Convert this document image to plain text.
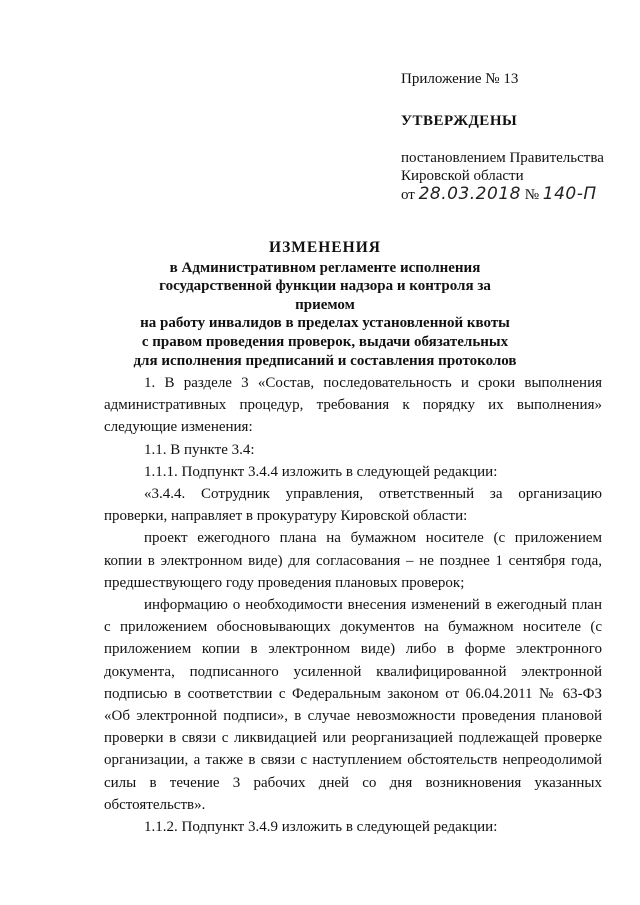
Приложение № 13
УТВЕРЖДЕНЫ
постановлением Правительства Кировской области
от 28.03.2018 № 140-П
ИЗМЕНЕНИЯ
в Административном регламенте исполнения
государственной функции надзора и контроля за приемом
на работу инвалидов в пределах установленной квоты
с правом проведения проверок, выдачи обязательных
для исполнения предписаний и составления протоколов

1. В разделе 3 «Состав, последовательность и сроки выполнения административных процедур, требования к порядку их выполнения» следующие изменения:

1.1. В пункте 3.4:

1.1.1. Подпункт 3.4.4 изложить в следующей редакции:

«3.4.4. Сотрудник управления, ответственный за организацию проверки, направляет в прокуратуру Кировской области:

проект ежегодного плана на бумажном носителе (с приложением копии в электронном виде) для согласования – не позднее 1 сентября года, предшествующего году проведения плановых проверок;

информацию о необходимости внесения изменений в ежегодный план с приложением обосновывающих документов на бумажном носителе (с приложением копии в электронном виде) либо в форме электронного документа, подписанного усиленной квалифицированной электронной подписью в соответствии с Федеральным законом от 06.04.2011 № 63-ФЗ «Об электронной подписи», в случае невозможности проведения плановой проверки в связи с ликвидацией или реорганизацией подлежащей проверке организации, а также в связи с наступлением обстоятельств непреодолимой силы в течение 3 рабочих дней со дня возникновения указанных обстоятельств».

1.1.2. Подпункт 3.4.9 изложить в следующей редакции:
